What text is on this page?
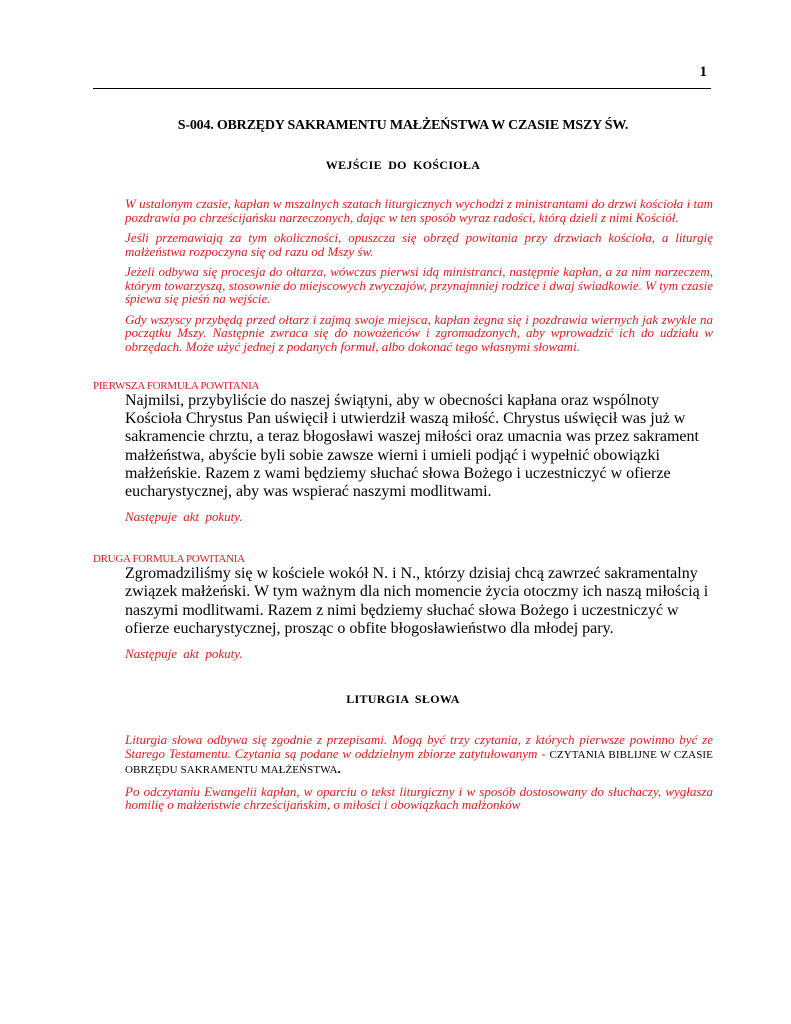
1
S-004. OBRZĘDY SAKRAMENTU MAŁŻEŃSTWA W CZASIE MSZY ŚW.
WEJŚCIE DO KOŚCIOŁA

W ustalonym czasie, kapłan w mszalnych szatach liturgicznych wychodzi z ministrantami do drzwi kościoła i tam pozdrawia po chrześcijańsku narzeczonych, dając w ten sposób wyraz radości, którą dzieli z nimi Kościół.

Jeśli przemawiają za tym okoliczności, opuszcza się obrzęd powitania przy drzwiach kościoła, a liturgię małżeństwa rozpoczyna się od razu od Mszy św.

Jeżeli odbywa się procesja do ołtarza, wówczas pierwsi idą ministranci, następnie kapłan, a za nim narzeczem, którym towarzyszą, stosownie do miejscowych zwyczajów, przynajmniej rodzice i dwaj świadkowie. W tym czasie śpiewa się pieśń na wejście.

Gdy wszyscy przybędą przed ołtarz i zajmą swoje miejsca, kapłan żegna się i pozdrawia wiernych jak zwykle na początku Mszy. Następnie zwraca się do nowożeńców i zgromadzonych, aby wprowadzić ich do udziału w obrzędach. Może użyć jednej z podanych formuł, albo dokonać tego własnymi słowami.

PIERWSZA FORMUŁA POWITANIA

Najmilsi, przybyliście do naszej świątyni, aby w obecności kapłana oraz wspólnoty Kościoła Chrystus Pan uświęcił i utwierdził waszą miłość. Chrystus uświęcił was już w sakramencie chrztu, a teraz błogosławi waszej miłości oraz umacnia was przez sakrament małżeństwa, abyście byli sobie zawsze wierni i umieli podjąć i wypełnić obowiązki małżeńskie. Razem z wami będziemy słuchać słowa Bożego i uczestniczyć w ofierze eucharystycznej, aby was wspierać naszymi modlitwami.

Następuje akt pokuty.

DRUGA FORMUŁA POWITANIA

Zgromadziliśmy się w kościele wokół N. i N., którzy dzisiaj chcą zawrzeć sakramentalny związek małżeński. W tym ważnym dla nich momencie życia otoczmy ich naszą miłością i naszymi modlitwami. Razem z nimi będziemy słuchać słowa Bożego i uczestniczyć w ofierze eucharystycznej, prosząc o obfite błogosławieństwo dla młodej pary.

Następuje akt pokuty.

LITURGIA SŁOWA

Liturgia słowa odbywa się zgodnie z przepisami. Mogą być trzy czytania, z których pierwsze powinno być ze Starego Testamentu. Czytania są podane w oddzielnym zbiorze zatytułowanym - CZYTANIA BIBLIJNE W CZASIE OBRZĘDU SAKRAMENTU MAŁŻEŃSTWA.

Po odczytaniu Ewangelii kapłan, w oparciu o tekst liturgiczny i w sposób dostosowany do słuchaczy, wygłasza homilię o małżeństwie chrześcijańskim, o miłości i obowiązkach małżonków
